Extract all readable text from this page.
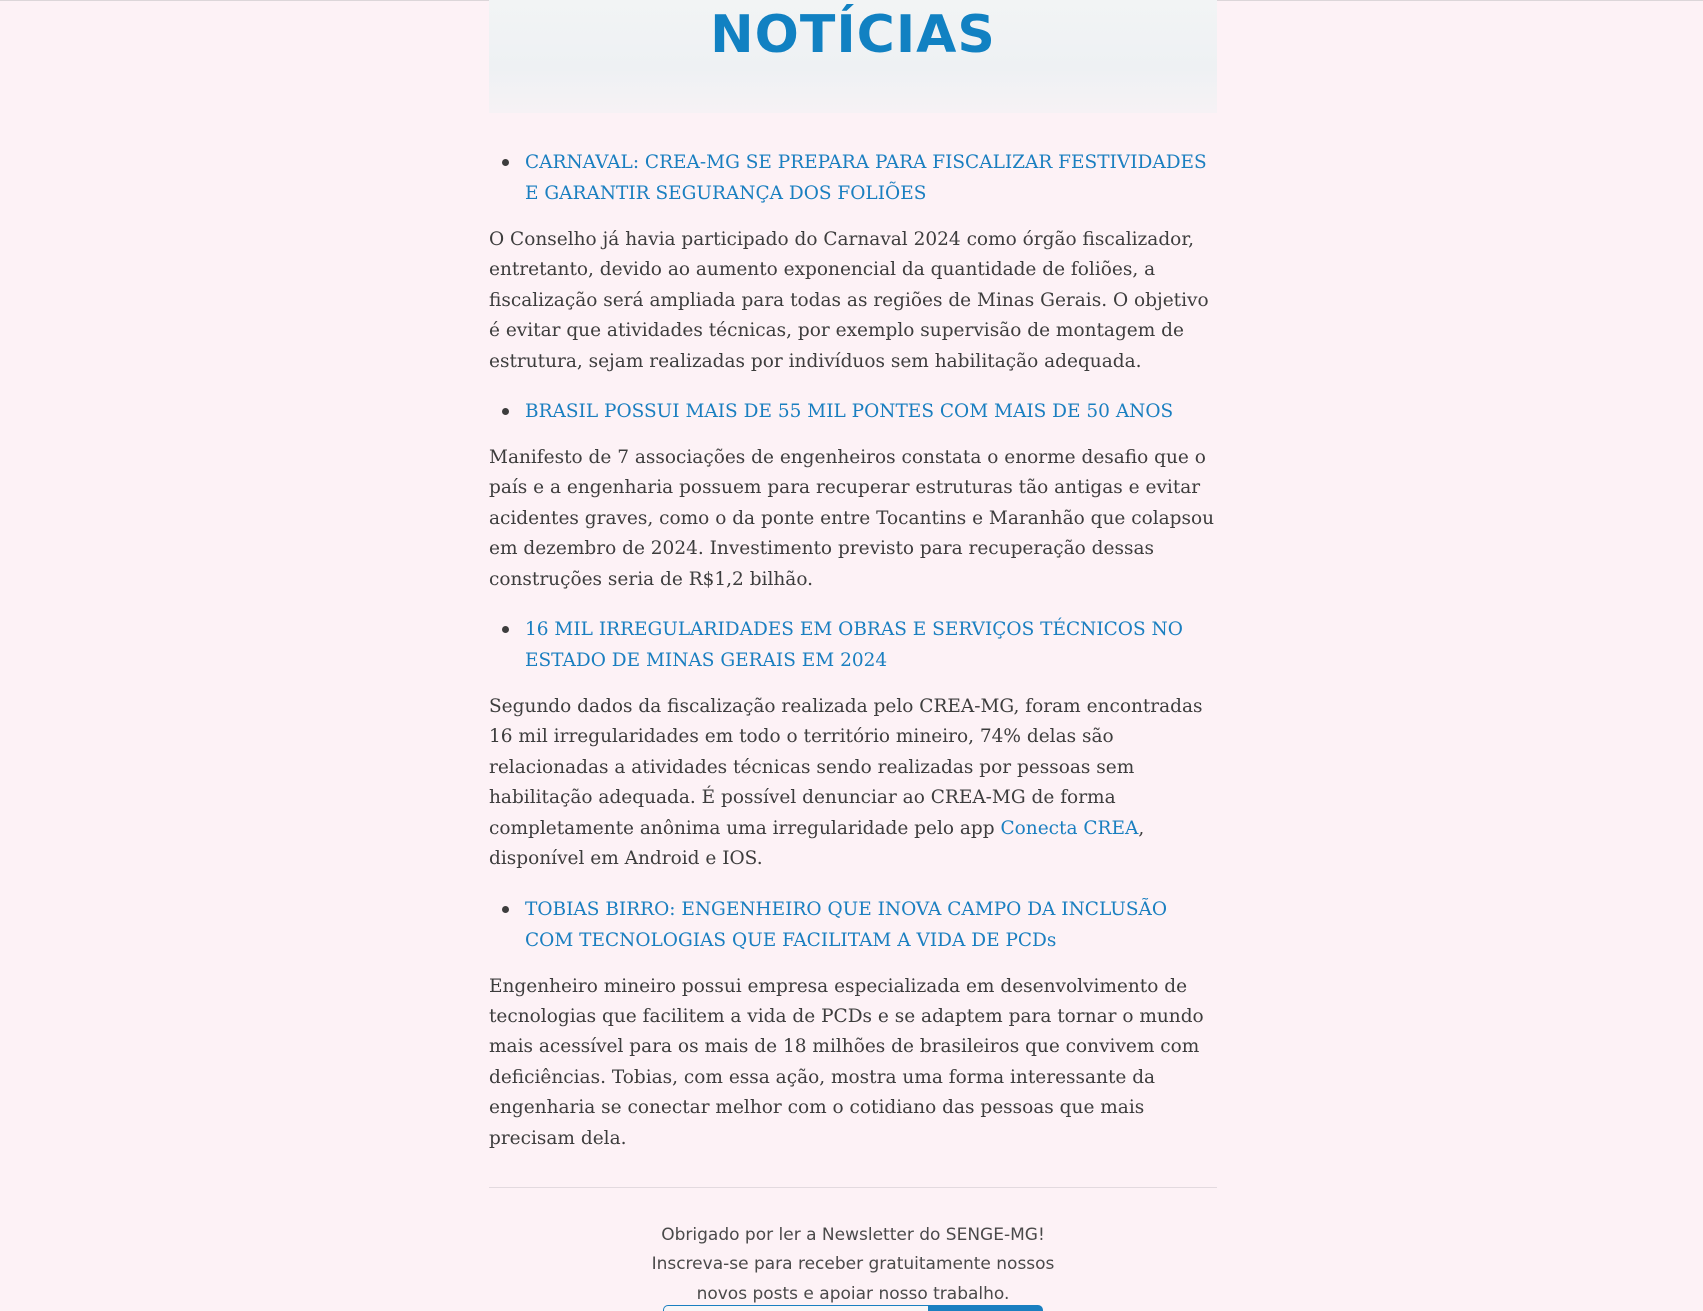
NOTÍCIAS
CARNAVAL: CREA-MG SE PREPARA PARA FISCALIZAR FESTIVIDADES E GARANTIR SEGURANÇA DOS FOLIÕES

O Conselho já havia participado do Carnaval 2024 como órgão fiscalizador, entretanto, devido ao aumento exponencial da quantidade de foliões, a fiscalização será ampliada para todas as regiões de Minas Gerais. O objetivo é evitar que atividades técnicas, por exemplo supervisão de montagem de estrutura, sejam realizadas por indivíduos sem habilitação adequada.

BRASIL POSSUI MAIS DE 55 MIL PONTES COM MAIS DE 50 ANOS

Manifesto de 7 associações de engenheiros constata o enorme desafio que o país e a engenharia possuem para recuperar estruturas tão antigas e evitar acidentes graves, como o da ponte entre Tocantins e Maranhão que colapsou em dezembro de 2024. Investimento previsto para recuperação dessas construções seria de R$1,2 bilhão.

16 MIL IRREGULARIDADES EM OBRAS E SERVIÇOS TÉCNICOS NO ESTADO DE MINAS GERAIS EM 2024

Segundo dados da fiscalização realizada pelo CREA-MG, foram encontradas 16 mil irregularidades em todo o território mineiro, 74% delas são relacionadas a atividades técnicas sendo realizadas por pessoas sem habilitação adequada. É possível denunciar ao CREA-MG de forma completamente anônima uma irregularidade pelo app Conecta CREA, disponível em Android e IOS.

TOBIAS BIRRO: ENGENHEIRO QUE INOVA CAMPO DA INCLUSÃO COM TECNOLOGIAS QUE FACILITAM A VIDA DE PCDs

Engenheiro mineiro possui empresa especializada em desenvolvimento de tecnologias que facilitem a vida de PCDs e se adaptem para tornar o mundo mais acessível para os mais de 18 milhões de brasileiros que convivem com deficiências. Tobias, com essa ação, mostra uma forma interessante da engenharia se conectar melhor com o cotidiano das pessoas que mais precisam dela.

Obrigado por ler a Newsletter do SENGE-MG!
Inscreva-se para receber gratuitamente nossos
novos posts e apoiar nosso trabalho.
